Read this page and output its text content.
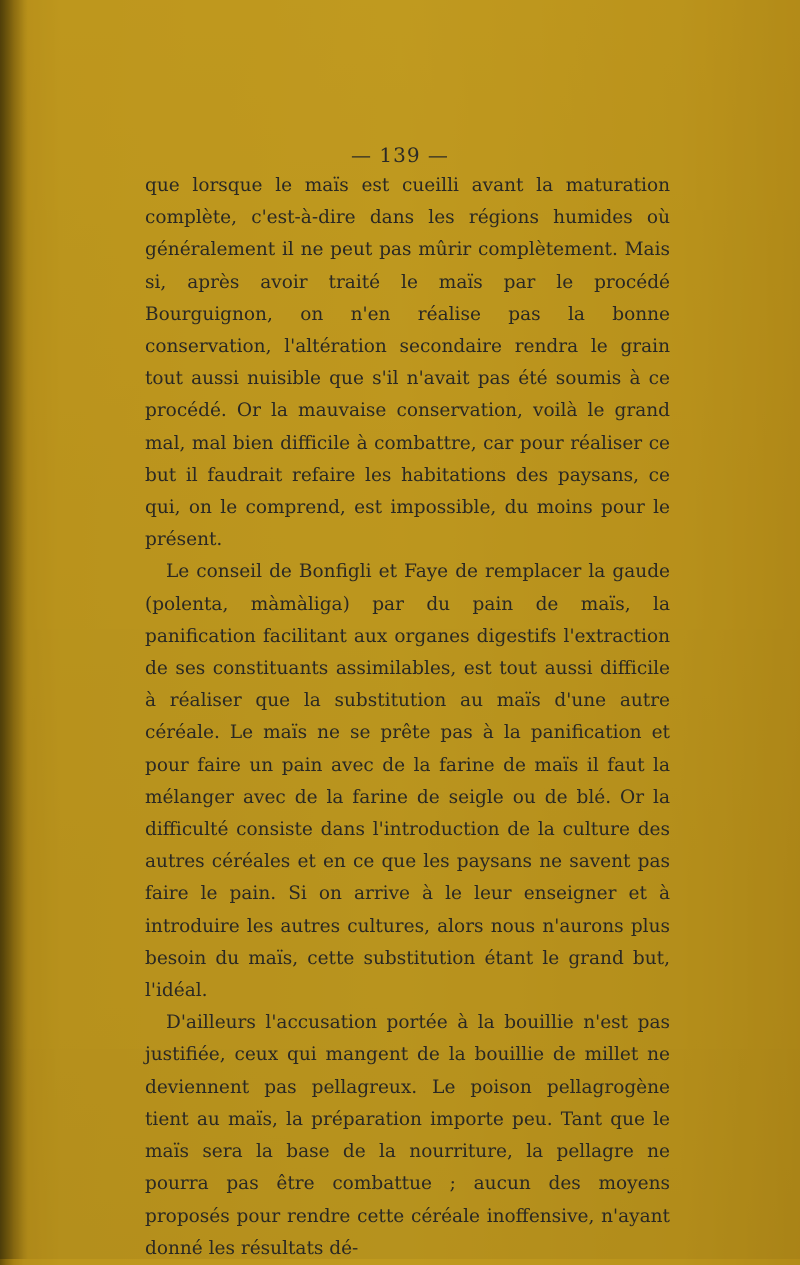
— 139 —

que lorsque le maïs est cueilli avant la maturation complète, c'est-à-dire dans les régions humides où généralement il ne peut pas mûrir complètement. Mais si, après avoir traité le maïs par le procédé Bourguignon, on n'en réalise pas la bonne conservation, l'altération secondaire rendra le grain tout aussi nuisible que s'il n'avait pas été soumis à ce procédé. Or la mauvaise conservation, voilà le grand mal, mal bien difficile à combattre, car pour réaliser ce but il faudrait refaire les habitations des paysans, ce qui, on le comprend, est impossible, du moins pour le présent.

Le conseil de Bonfigli et Faye de remplacer la gaude (polenta, màmàliga) par du pain de maïs, la panification facilitant aux organes digestifs l'extraction de ses constituants assimilables, est tout aussi difficile à réaliser que la substitution au maïs d'une autre céréale. Le maïs ne se prête pas à la panification et pour faire un pain avec de la farine de maïs il faut la mélanger avec de la farine de seigle ou de blé. Or la difficulté consiste dans l'introduction de la culture des autres céréales et en ce que les paysans ne savent pas faire le pain. Si on arrive à le leur enseigner et à introduire les autres cultures, alors nous n'aurons plus besoin du maïs, cette substitution étant le grand but, l'idéal.

D'ailleurs l'accusation portée à la bouillie n'est pas justifiée, ceux qui mangent de la bouillie de millet ne deviennent pas pellagreux. Le poison pellagrogène tient au maïs, la préparation importe peu. Tant que le maïs sera la base de la nourriture, la pellagre ne pourra pas être combattue ; aucun des moyens proposés pour rendre cette céréale inoffensive, n'ayant donné les résultats dé-
